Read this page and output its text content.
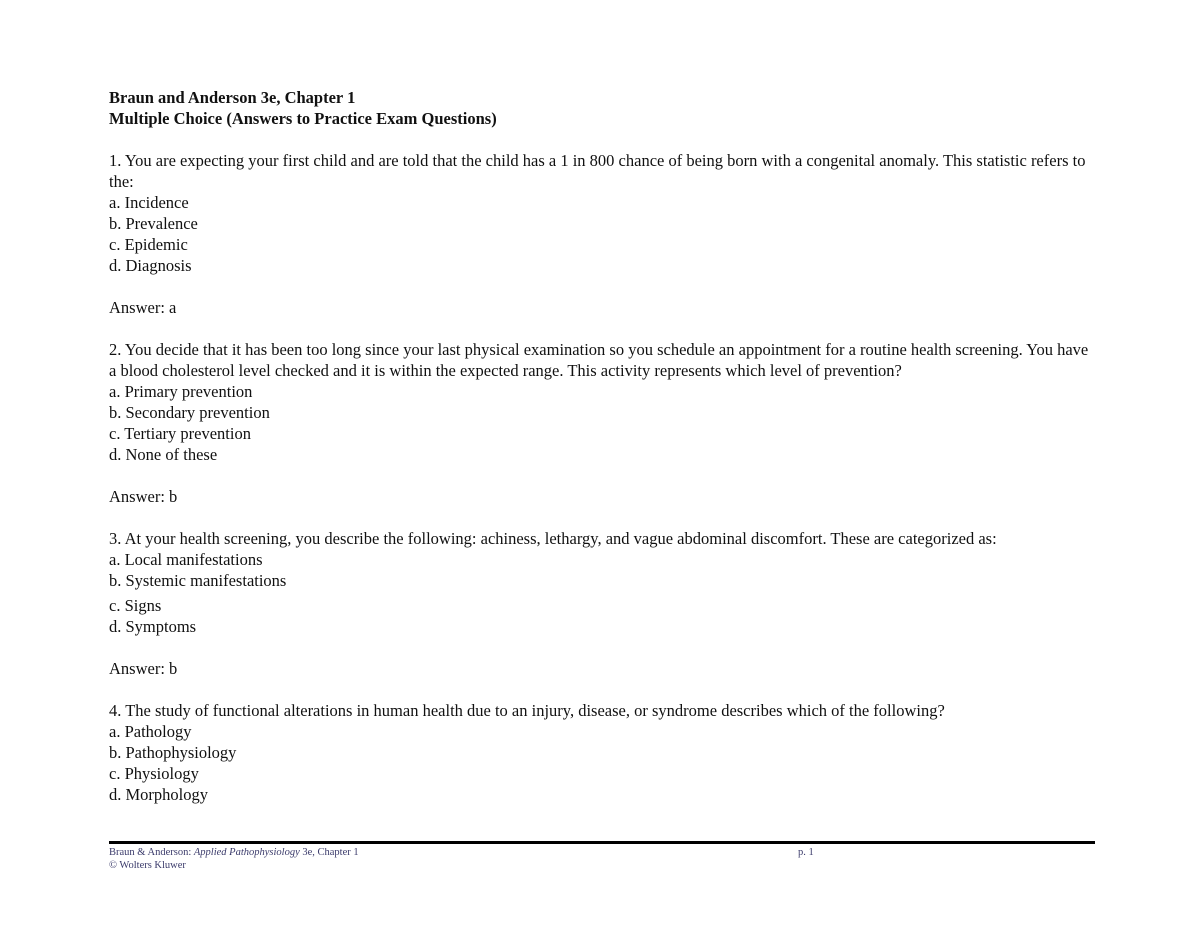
Braun and Anderson 3e, Chapter 1

Multiple Choice (Answers to Practice Exam Questions)

1. You are expecting your first child and are told that the child has a 1 in 800 chance of being born with a congenital anomaly. This statistic refers to the:

a. Incidence

b. Prevalence

c. Epidemic

d. Diagnosis

Answer: a

2. You decide that it has been too long since your last physical examination so you schedule an appointment for a routine health screening. You have a blood cholesterol level checked and it is within the expected range. This activity represents which level of prevention?

a. Primary prevention

b. Secondary prevention

c. Tertiary prevention

d. None of these

Answer: b

3. At your health screening, you describe the following: achiness, lethargy, and vague abdominal discomfort. These are categorized as:

a. Local manifestations

b. Systemic manifestations

c. Signs

d. Symptoms

Answer: b

4. The study of functional alterations in human health due to an injury, disease, or syndrome describes which of the following?

a. Pathology

b. Pathophysiology

c. Physiology

d. Morphology

Braun & Anderson: Applied Pathophysiology 3e, Chapter 1
© Wolters Kluwer
p. 1
